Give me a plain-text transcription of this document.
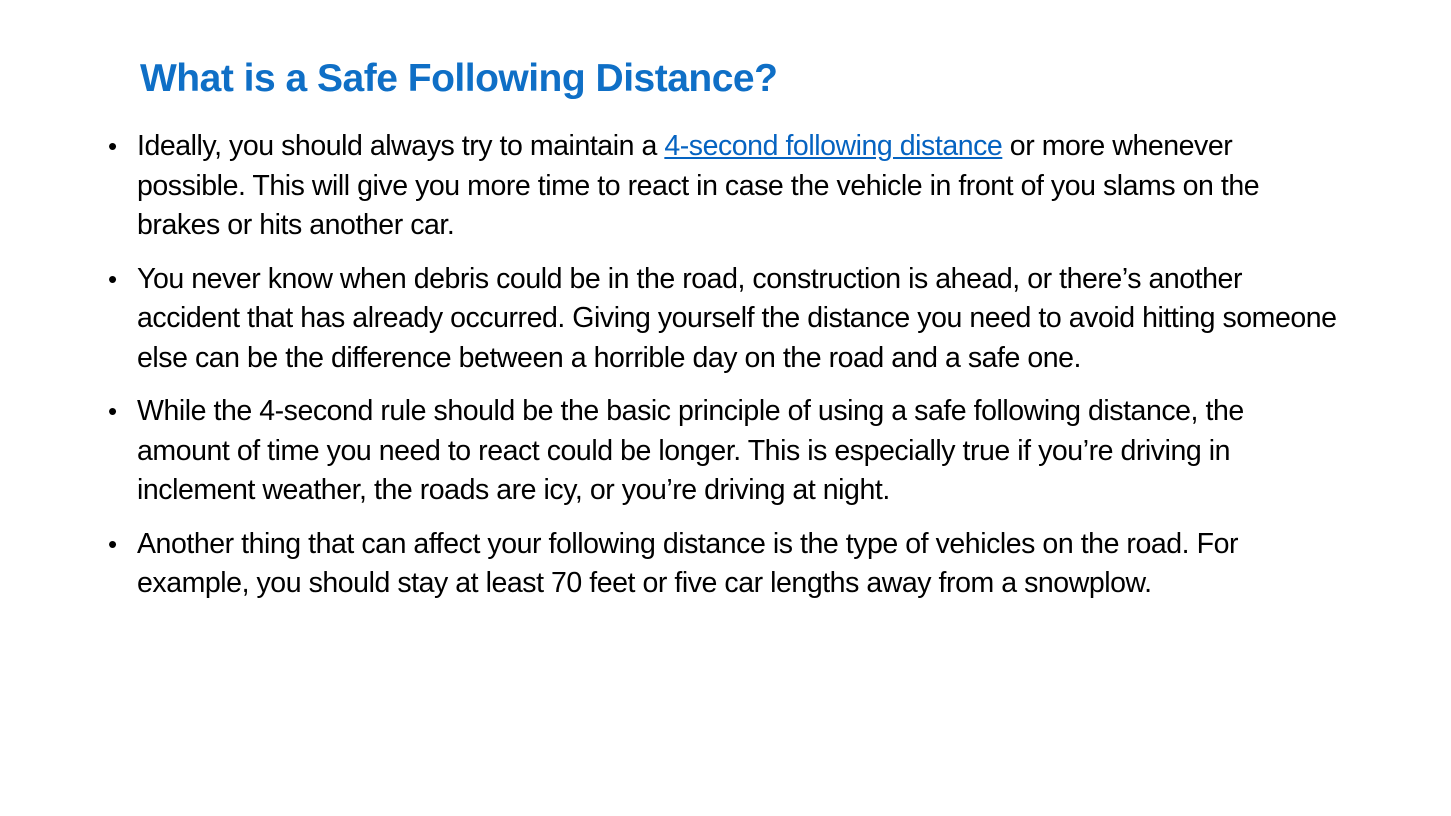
What is a Safe Following Distance?
• Ideally, you should always try to maintain a 4-second following distance or more whenever possible. This will give you more time to react in case the vehicle in front of you slams on the brakes or hits another car.
• You never know when debris could be in the road, construction is ahead, or there’s another accident that has already occurred. Giving yourself the distance you need to avoid hitting someone else can be the difference between a horrible day on the road and a safe one.
• While the 4-second rule should be the basic principle of using a safe following distance, the amount of time you need to react could be longer. This is especially true if you’re driving in inclement weather, the roads are icy, or you’re driving at night.
• Another thing that can affect your following distance is the type of vehicles on the road. For example, you should stay at least 70 feet or five car lengths away from a snowplow.
